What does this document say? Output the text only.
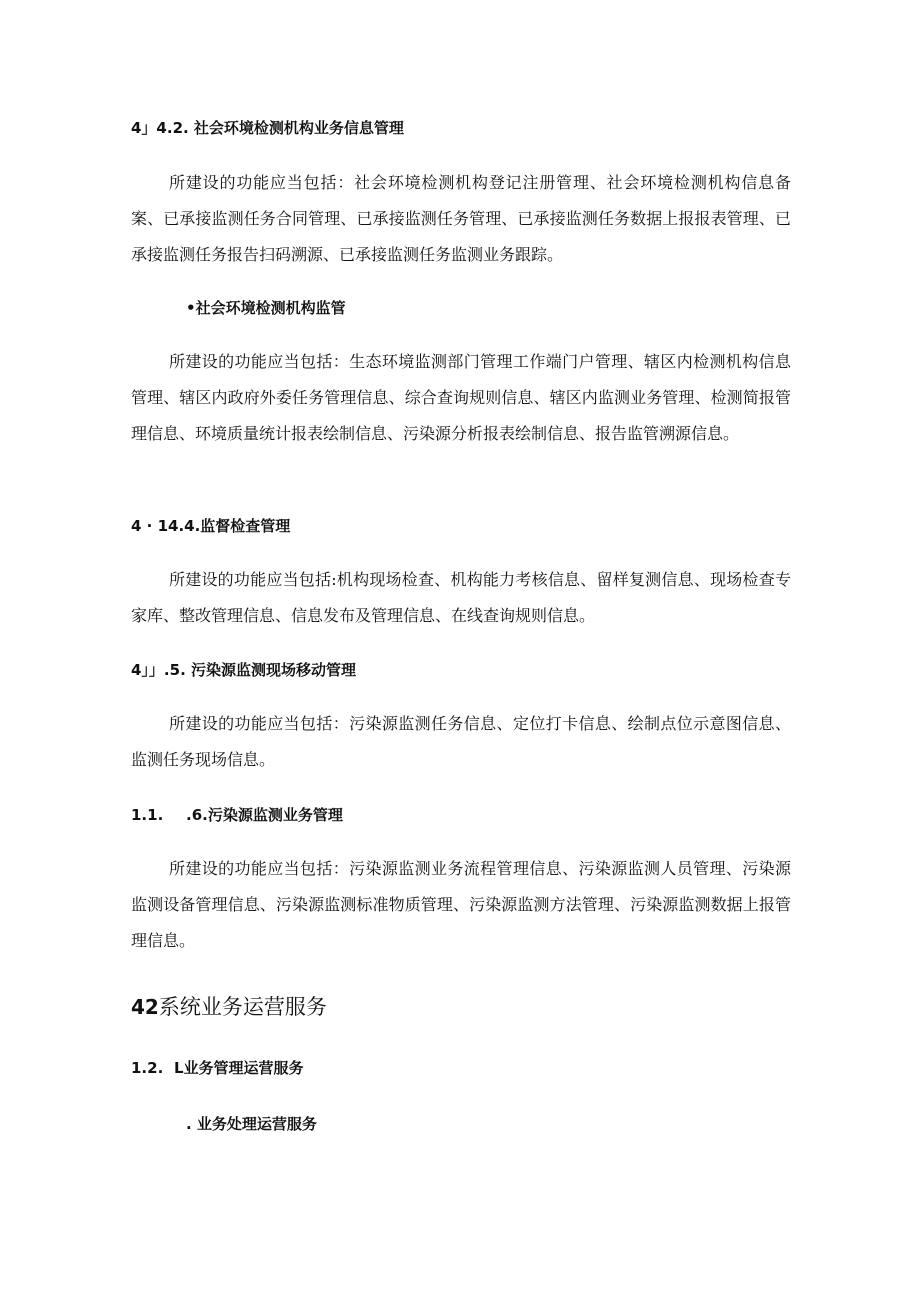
4」4.2. 社会环境检测机构业务信息管理

所建设的功能应当包括：社会环境检测机构登记注册管理、社会环境检测机构信息备案、已承接监测任务合同管理、已承接监测任务管理、已承接监测任务数据上报报表管理、已承接监测任务报告扫码溯源、已承接监测任务监测业务跟踪。

•社会环境检测机构监管

所建设的功能应当包括：生态环境监测部门管理工作端门户管理、辖区内检测机构信息管理、辖区内政府外委任务管理信息、综合查询规则信息、辖区内监测业务管理、检测简报管理信息、环境质量统计报表绘制信息、污染源分析报表绘制信息、报告监管溯源信息。

4 · 14.4.监督检查管理

所建设的功能应当包括:机构现场检查、机构能力考核信息、留样复测信息、现场检查专家库、整改管理信息、信息发布及管理信息、在线查询规则信息。

4」」.5. 污染源监测现场移动管理

所建设的功能应当包括：污染源监测任务信息、定位打卡信息、绘制点位示意图信息、监测任务现场信息。

1.1. .6.污染源监测业务管理

所建设的功能应当包括：污染源监测业务流程管理信息、污染源监测人员管理、污染源监测设备管理信息、污染源监测标准物质管理、污染源监测方法管理、污染源监测数据上报管理信息。

42系统业务运营服务
1.2. L业务管理运营服务
. 业务处理运营服务
